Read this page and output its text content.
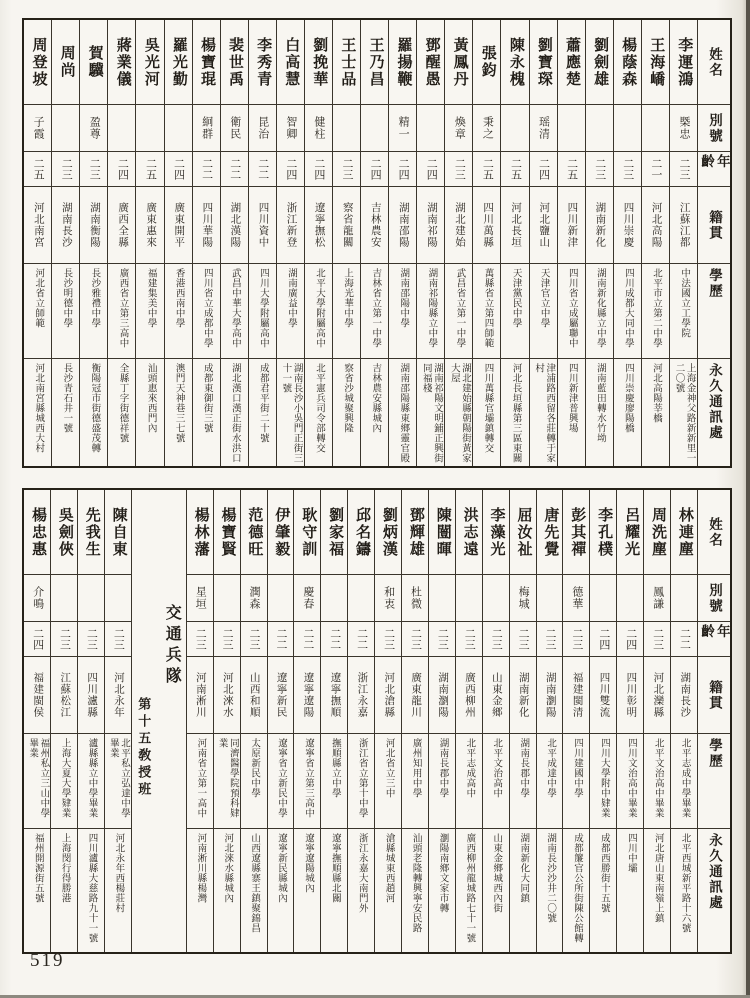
姓名
別號
年齡
籍貫
學歷
永久通訊處
李運鴻
槩忠
二三
江蘇江都
中法國立工學院
上海金神父路新新里一二〇號
王海嶠
二一
河北高陽
北平市立第二中學
河北高陽莘橋
楊蔭森
二三
四川崇慶
四川成都大同中學
四川崇慶廖陽橋
劉劍雄
二三
湖南新化
湖南新化縣立中學
湖南藍田轉水竹坳
蕭應楚
二五
四川新津
四川省立成屬聯中
四川新津普興場
劉寶琛
瑶清
二四
河北鹽山
天津官立中學
津浦路西留各莊轉于家村
陳永槐
二五
河北長垣
天津黨民中學
河北長垣縣第三區東關
張鈞
秉之
二五
四川萬縣
萬縣省立第四師範
四川萬縣官壩鎮轉交
黃鳳丹
煥章
二三
湖北建始
武昌省立第一中學
湖北建始縣朝陽街黃家大屋
鄧醒愚
二四
湖南祁陽
湖南祁陽縣立中學
湖南祁陽文明鋪正興街同福棧
羅揚鞭
精一
二四
湖南邵陽
湖南邵陽中學
湖南邵陽縣東鄉靈官殿
王乃昌
二四
吉林農安
吉林省立第一中學
吉林農安縣城內
王士品
二三
察省龍關
上海光華中學
察省沙城聚興隆
劉挽華
健柱
二四
遼寧撫松
北平大學附屬高中
北平憲兵司令部轉交
白高慧
智卿
二四
浙江新登
湖南廣益中學
湖南長沙小吳門正街三十一號
李秀青
昆治
二二
四川資中
四川大學附屬高中
成都君平街二十號
裴世禹
衛民
二二
湖北漢陽
武昌中華大學高中
湖北漢口漢正街水洪口
楊寶琨
絅群
二二
四川華陽
四川省立成都中學
成都東御街三號
羅光勤
二四
廣東開平
香港西南中學
澳門天神巷三七號
吳光河
二五
廣東惠來
福建集美中學
汕頭惠來西門內
蔣業儀
二四
廣西全縣
廣西省立第三高中
全縣丁字街德祥號
賀驥
盈尊
二三
湖南衡陽
長沙雅禮中學
衡陽冠市街德盛茂轉
周尚
二三
湖南長沙
長沙明德中學
長沙青石井一號
周登坡
子霞
二五
河北南宮
河北省立師範
河北南宮縣城西大村
姓名
別號
年齡
籍貫
學歷
永久通訊處
林連塵
二二
湖南長沙
北平志成中學畢業
北平西城新平路十六號
周洗塵
鳳謙
二三
河北灤縣
北平文治高中畢業
河北唐山東南嶺上鎮
呂耀光
二四
四川彰明
四川文治高中畢業
四川中壩
李孔樸
二四
四川雙流
四川大學附中肄業
成都西勝街十五號
彭其禪
德華
二三
福建閩清
四川建國中學
成都簾官公所街陳公館轉
唐先覺
二三
湖南瀏陽
北平成達中學
湖南長沙沙井二〇號
屈汝祉
梅城
二三
湖南新化
湖南長郡中學
湖南新化大同鎮
李藻光
二三
山東金鄉
北平文治高中
山東金鄉城西內街
洪志遠
二三
廣西柳州
北平志成高中
廣西柳州龍城路七十一號
陳闓暉
二三
湖南瀏陽
湖南長郡中學
瀏陽南鄉文家市轉
鄧輝雄
杜微
二三
廣東龍川
廣州知用中學
汕頭老隆轉興寧安民路
劉炳漢
和衷
二三
河北滄縣
河北省立三中
滄縣城東西趙河
邱名鑄
二二
浙江永嘉
浙江省立第十中學
浙江永嘉大南門外
劉家福
二二
遼寧撫順
撫順縣立中學
遼寧撫順縣北關
耿守訓
慶春
二二
遼寧遼陽
遼寧省立第三高中
遼寧遼陽城內
伊肇毅
二二
遼寧新民
遼寧省立新民中學
遼寧新民縣城內
范德旺
潤森
二三
山西和順
太原新民中學
山西遼縣寨王鎮聚錦昌
楊寶賢
二三
河北淶水
同濟醫學院預科肄業
河北淶水縣城內
楊林藩
星垣
二三
河南淅川
河南省立第一高中
河南淅川縣楊灣
交通兵隊
第十五敎授班
陳自東
二三
河北永年
北平私立弘達中學畢業
河北永年西楊莊村
先我生
二三
四川瀘縣
瀘縣縣立中學畢業
四川瀘縣大慈路九十一號
吳劍俠
二三
江蘇松江
上海大夏大學肄業
上海閔行得勝港
楊忠惠
介鳴
二四
福建閩侯
福州私立三山中學畢業
福州開源街五號
519
